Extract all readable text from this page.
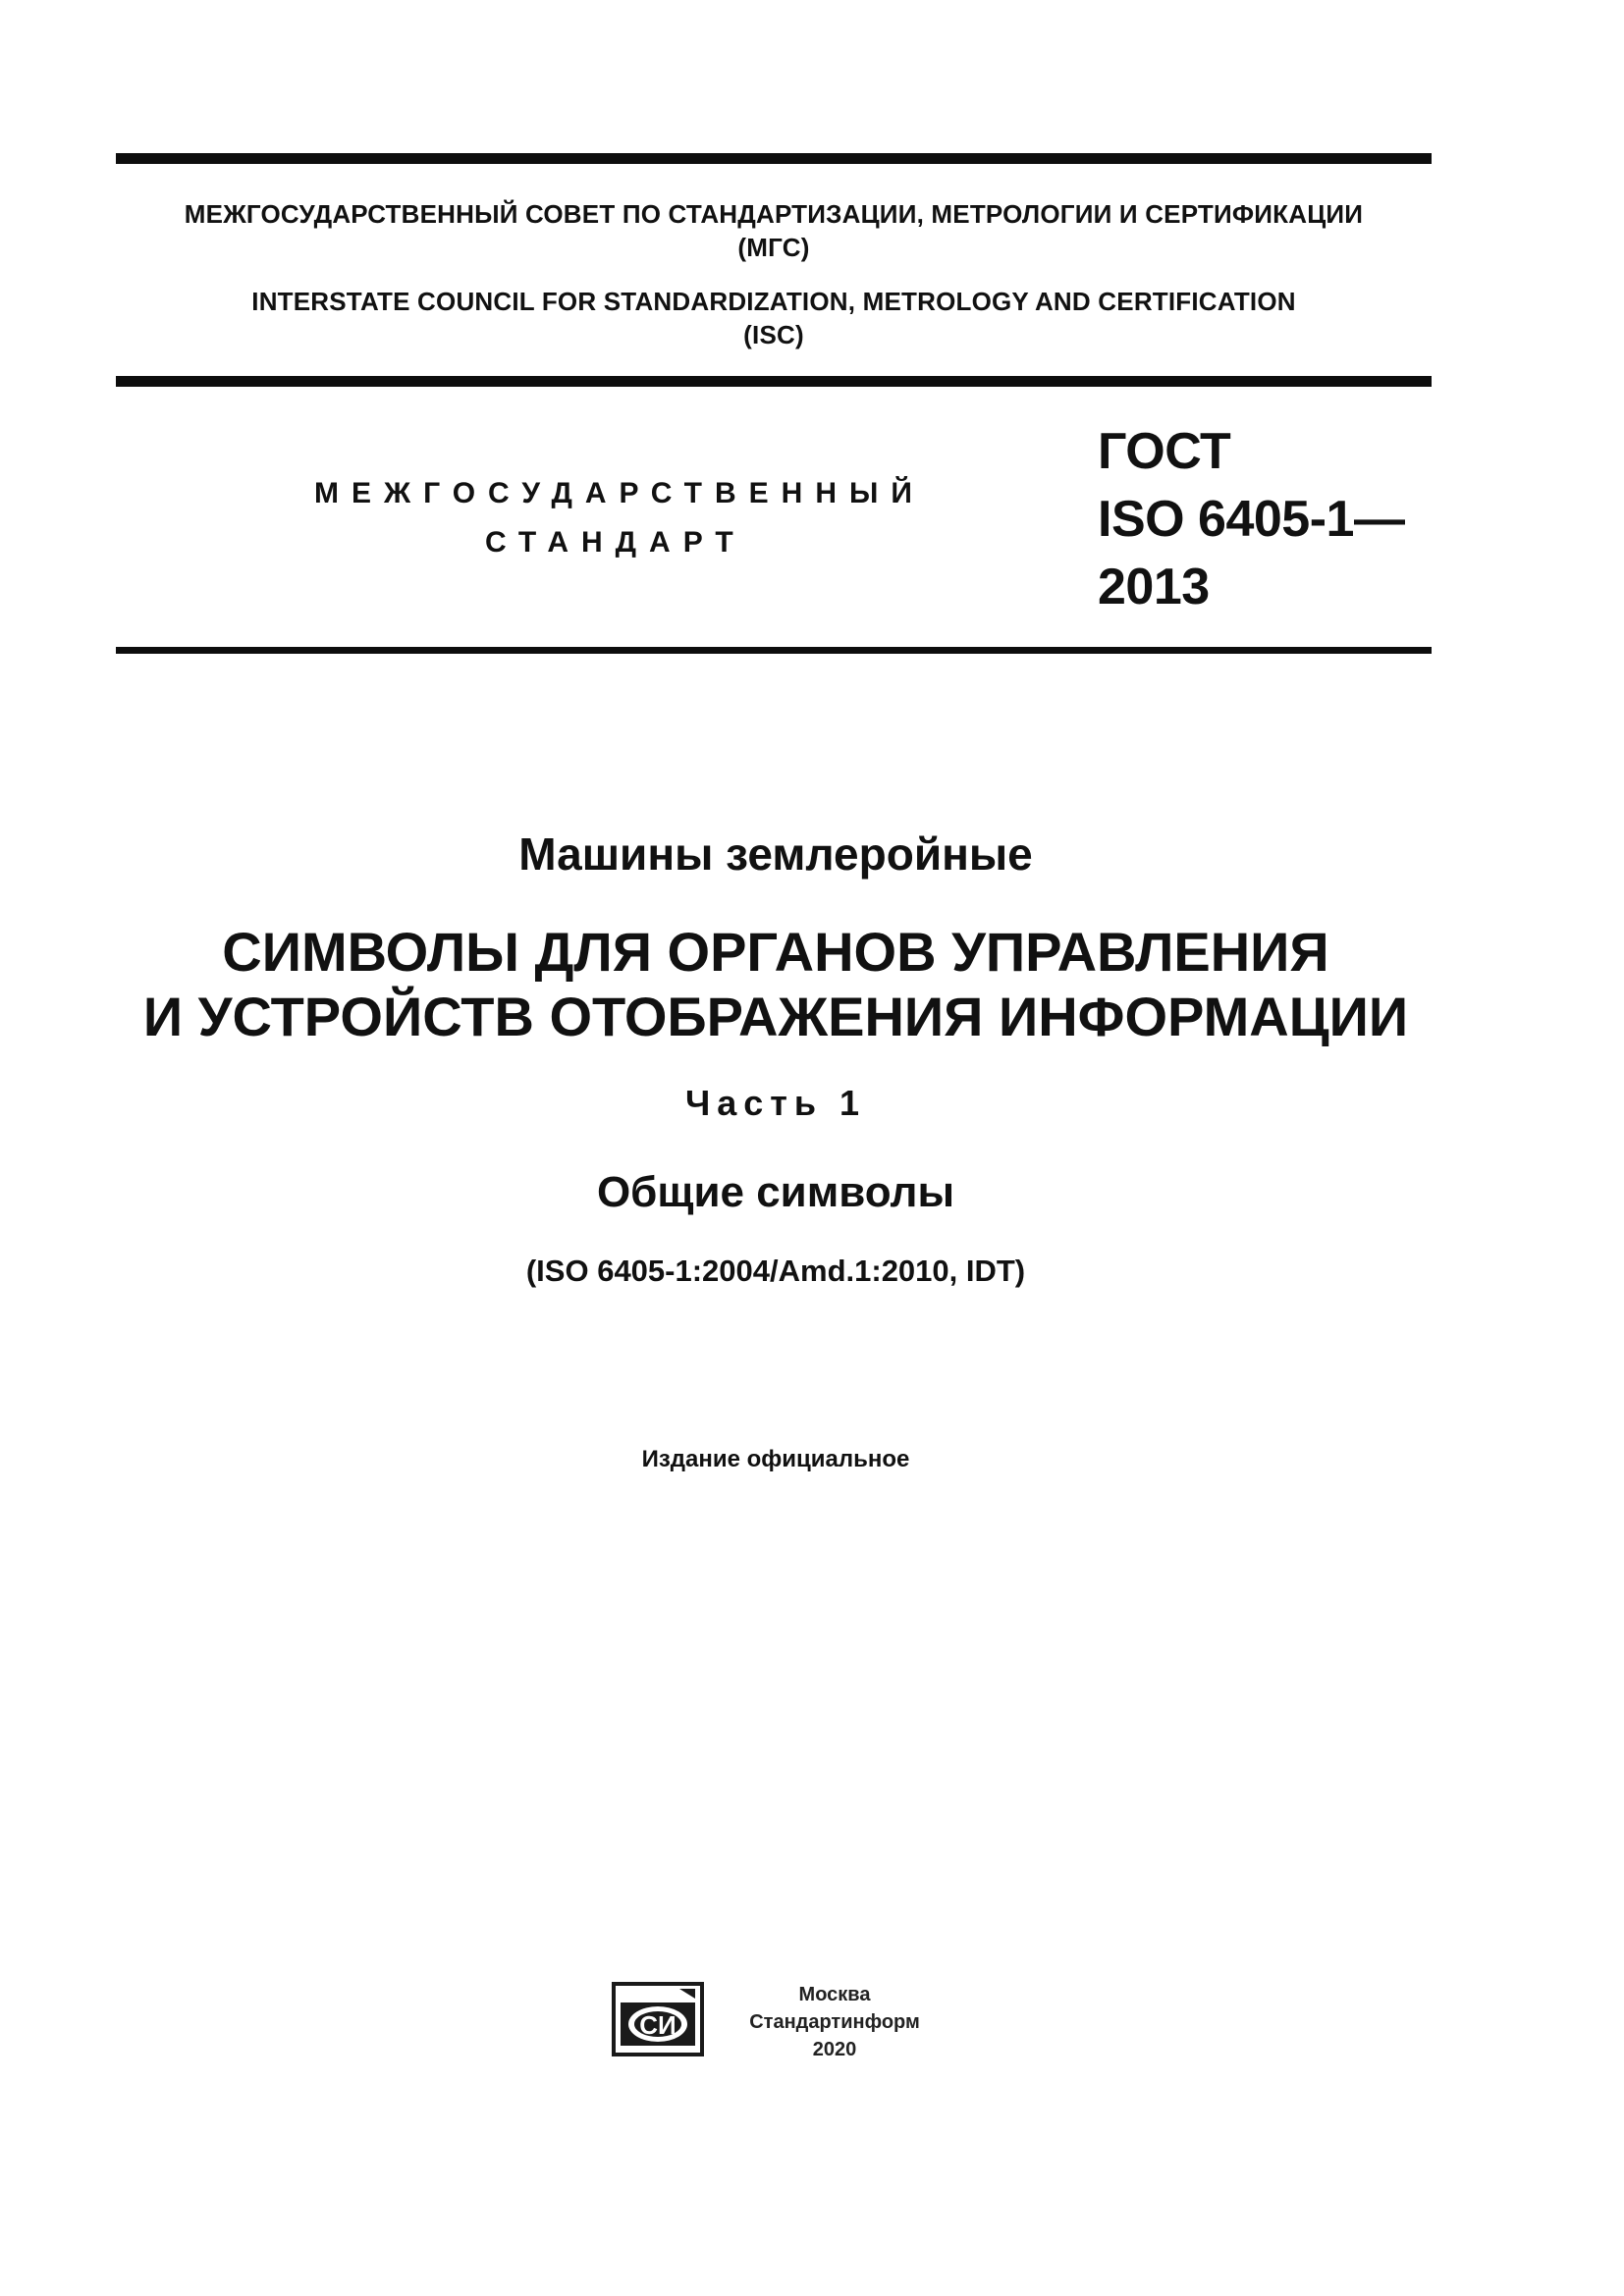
МЕЖГОСУДАРСТВЕННЫЙ СОВЕТ ПО СТАНДАРТИЗАЦИИ, МЕТРОЛОГИИ И СЕРТИФИКАЦИИ
(МГС)
INTERSTATE COUNCIL FOR STANDARDIZATION, METROLOGY AND CERTIFICATION
(ISC)
МЕЖГОСУДАРСТВЕННЫЙ
СТАНДАРТ
ГОСТ
ISO 6405-1—
2013
Машины землеройные
СИМВОЛЫ ДЛЯ ОРГАНОВ УПРАВЛЕНИЯ
И УСТРОЙСТВ ОТОБРАЖЕНИЯ ИНФОРМАЦИИ
Часть 1
Общие символы
(ISO 6405-1:2004/Amd.1:2010, IDT)
Издание официальное
СИ
Москва
Стандартинформ
2020
